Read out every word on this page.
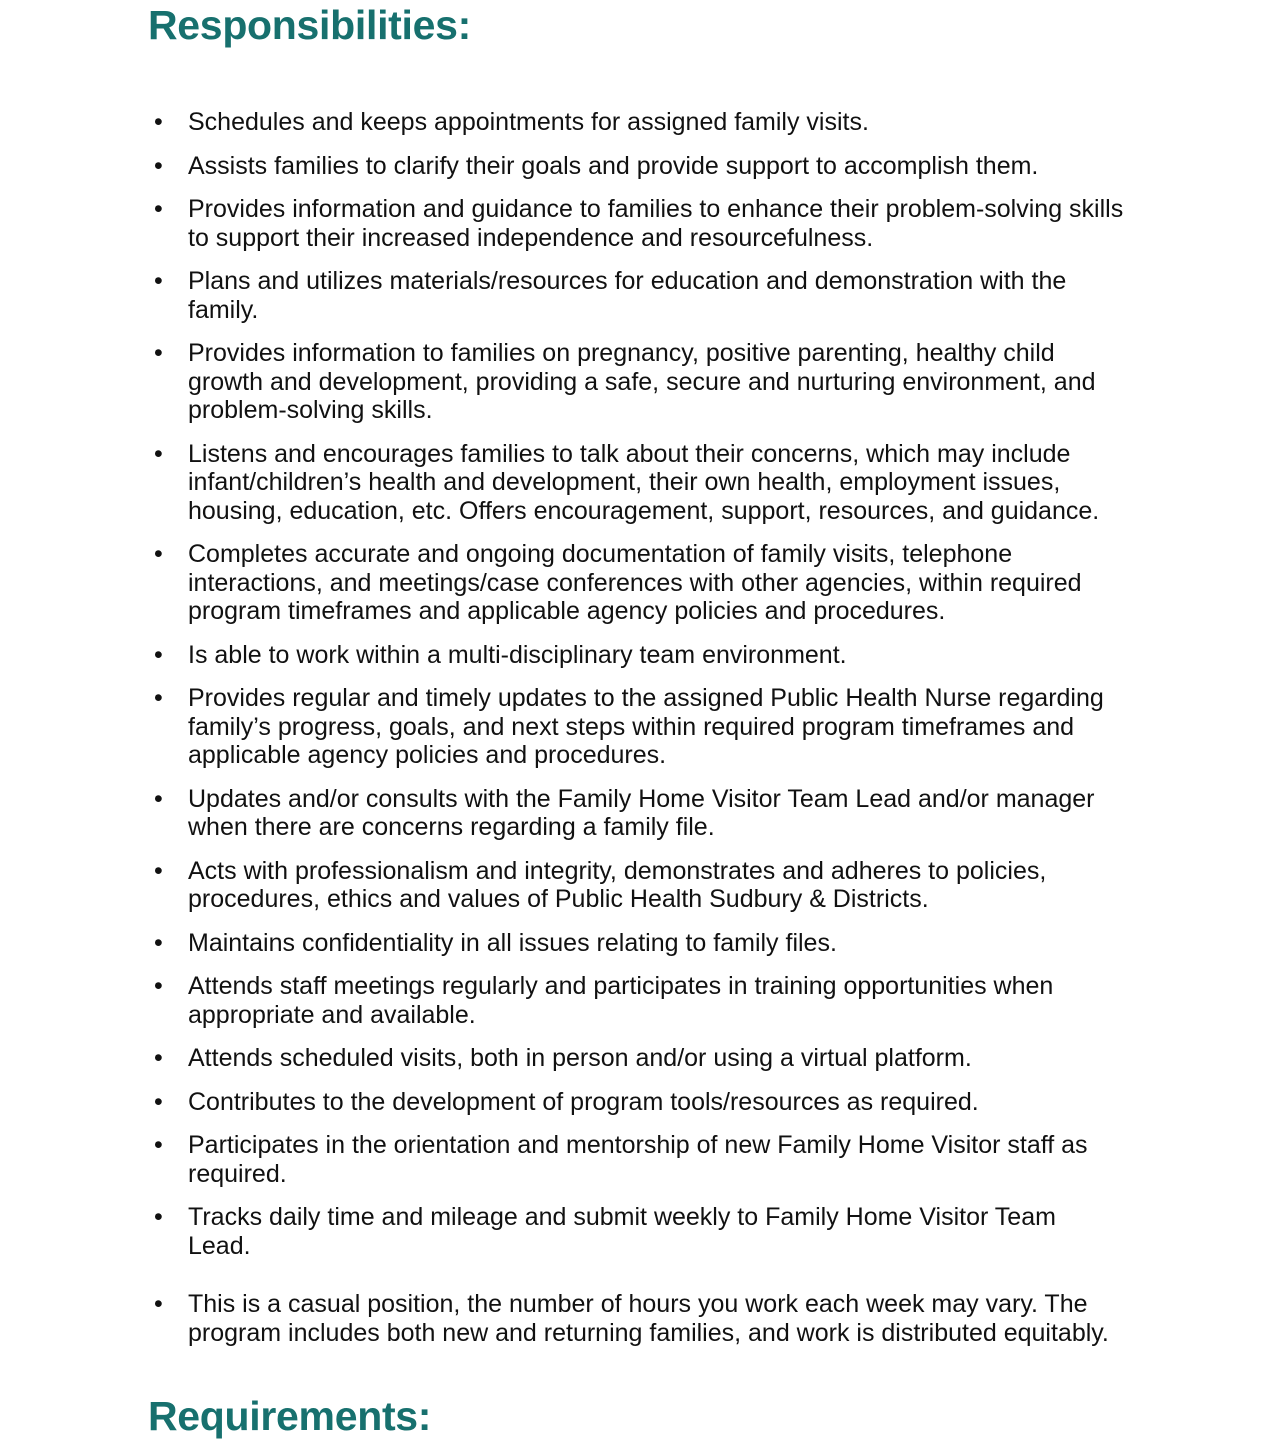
Responsibilities:
•
Schedules and keeps appointments for assigned family visits.
•
Assists families to clarify their goals and provide support to accomplish them.
•
Provides information and guidance to families to enhance their problem-solving skills to support their increased independence and resourcefulness.
•
Plans and utilizes materials/resources for education and demonstration with the family.
•
Provides information to families on pregnancy, positive parenting, healthy child growth and development, providing a safe, secure and nurturing environment, and problem-solving skills.
•
Listens and encourages families to talk about their concerns, which may include infant/children’s health and development, their own health, employment issues, housing, education, etc. Offers encouragement, support, resources, and guidance.
•
Completes accurate and ongoing documentation of family visits, telephone interactions, and meetings/case conferences with other agencies, within required program timeframes and applicable agency policies and procedures.
•
Is able to work within a multi-disciplinary team environment.
•
Provides regular and timely updates to the assigned Public Health Nurse regarding family’s progress, goals, and next steps within required program timeframes and applicable agency policies and procedures.
•
Updates and/or consults with the Family Home Visitor Team Lead and/or manager when there are concerns regarding a family file.
•
Acts with professionalism and integrity, demonstrates and adheres to policies, procedures, ethics and values of Public Health Sudbury & Districts.
•
Maintains confidentiality in all issues relating to family files.
•
Attends staff meetings regularly and participates in training opportunities when appropriate and available.
•
Attends scheduled visits, both in person and/or using a virtual platform.
•
Contributes to the development of program tools/resources as required.
•
Participates in the orientation and mentorship of new Family Home Visitor staff as required.
•
Tracks daily time and mileage and submit weekly to Family Home Visitor Team Lead.
•
This is a casual position, the number of hours you work each week may vary. The program includes both new and returning families, and work is distributed equitably.
Requirements:
